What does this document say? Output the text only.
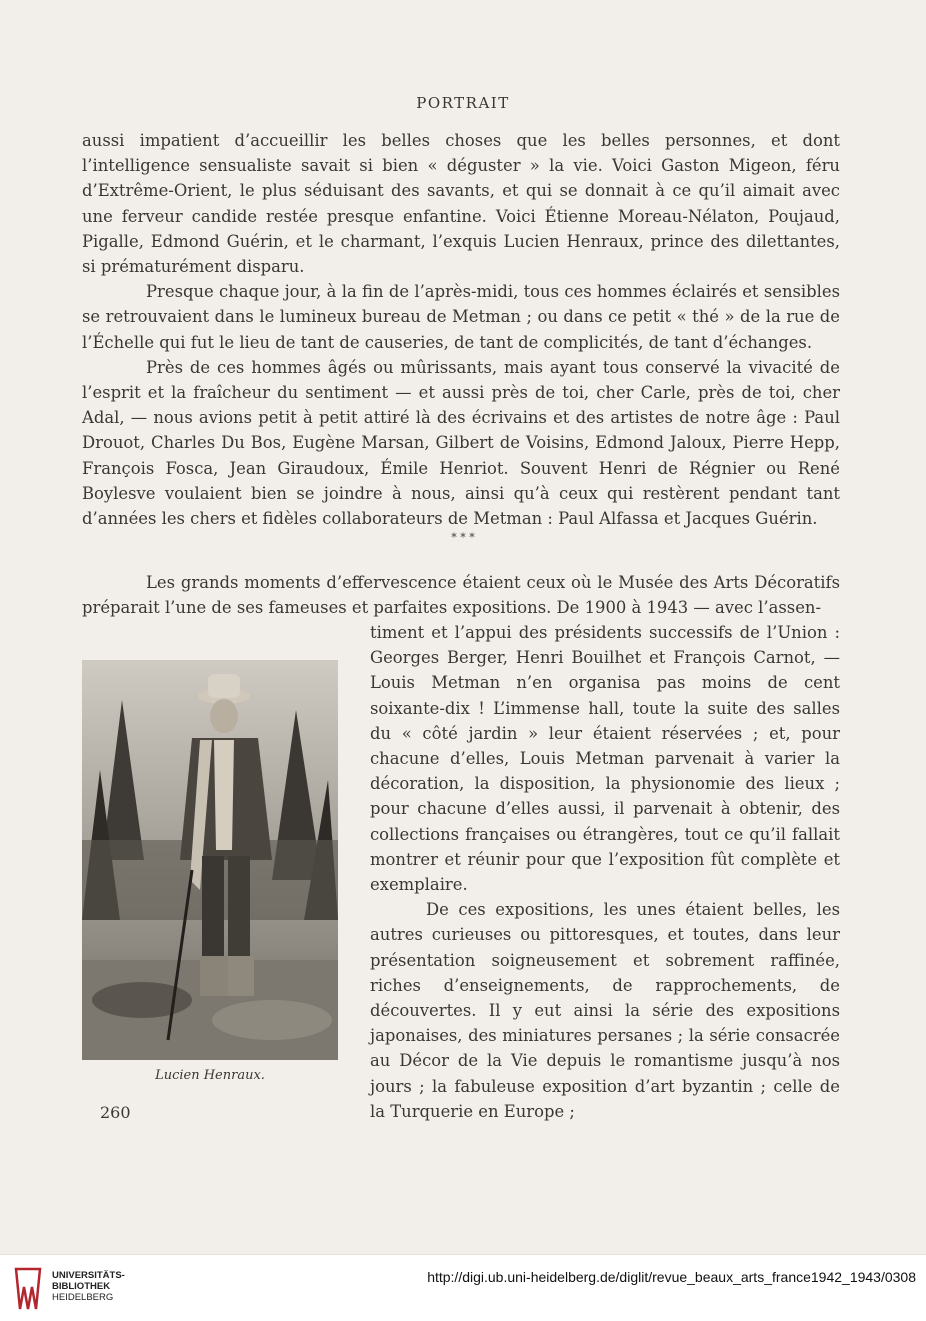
PORTRAIT

aussi impatient d’accueillir les belles choses que les belles personnes, et dont l’intelligence sensualiste savait si bien « déguster » la vie. Voici Gaston Migeon, féru d’Extrême-Orient, le plus séduisant des savants, et qui se donnait à ce qu’il aimait avec une ferveur candide restée presque enfantine. Voici Étienne Moreau-Nélaton, Poujaud, Pigalle, Edmond Guérin, et le charmant, l’exquis Lucien Henraux, prince des dilettantes, si prématurément disparu.

Presque chaque jour, à la fin de l’après-midi, tous ces hommes éclairés et sensibles se retrouvaient dans le lumineux bureau de Metman ; ou dans ce petit « thé » de la rue de l’Échelle qui fut le lieu de tant de causeries, de tant de complicités, de tant d’échanges.

Près de ces hommes âgés ou mûrissants, mais ayant tous conservé la vivacité de l’esprit et la fraîcheur du sentiment — et aussi près de toi, cher Carle, près de toi, cher Adal, — nous avions petit à petit attiré là des écrivains et des artistes de notre âge : Paul Drouot, Charles Du Bos, Eugène Marsan, Gilbert de Voisins, Edmond Jaloux, Pierre Hepp, François Fosca, Jean Giraudoux, Émile Henriot. Souvent Henri de Régnier ou René Boylesve voulaient bien se joindre à nous, ainsi qu’à ceux qui restèrent pendant tant d’années les chers et fidèles collaborateurs de Metman : Paul Alfassa et Jacques Guérin.

* * *

Les grands moments d’effervescence étaient ceux où le Musée des Arts Décoratifs préparait l’une de ses fameuses et parfaites expositions. De 1900 à 1943 — avec l’assen-

timent et l’appui des présidents successifs de l’Union : Georges Berger, Henri Bouilhet et François Carnot, — Louis Metman n’en organisa pas moins de cent soixante-dix ! L’immense hall, toute la suite des salles du « côté jardin » leur étaient réservées ; et, pour chacune d’elles, Louis Metman parvenait à varier la décoration, la disposition, la physionomie des lieux ; pour chacune d’elles aussi, il parvenait à obtenir, des collections françaises ou étrangères, tout ce qu’il fallait montrer et réunir pour que l’exposition fût complète et exemplaire.

De ces expositions, les unes étaient belles, les autres curieuses ou pittoresques, et toutes, dans leur présentation soigneusement et sobrement raffinée, riches d’enseignements, de rapprochements, de découvertes. Il y eut ainsi la série des expositions japonaises, des miniatures persanes ; la série consacrée au Décor de la Vie depuis le romantisme jusqu’à nos jours ; la fabuleuse exposition d’art byzantin ; celle de la Turquerie en Europe ;

Lucien Henraux.
260
UNIVERSITÄTS-
BIBLIOTHEK
HEIDELBERG
http://digi.ub.uni-heidelberg.de/diglit/revue_beaux_arts_france1942_1943/0308
